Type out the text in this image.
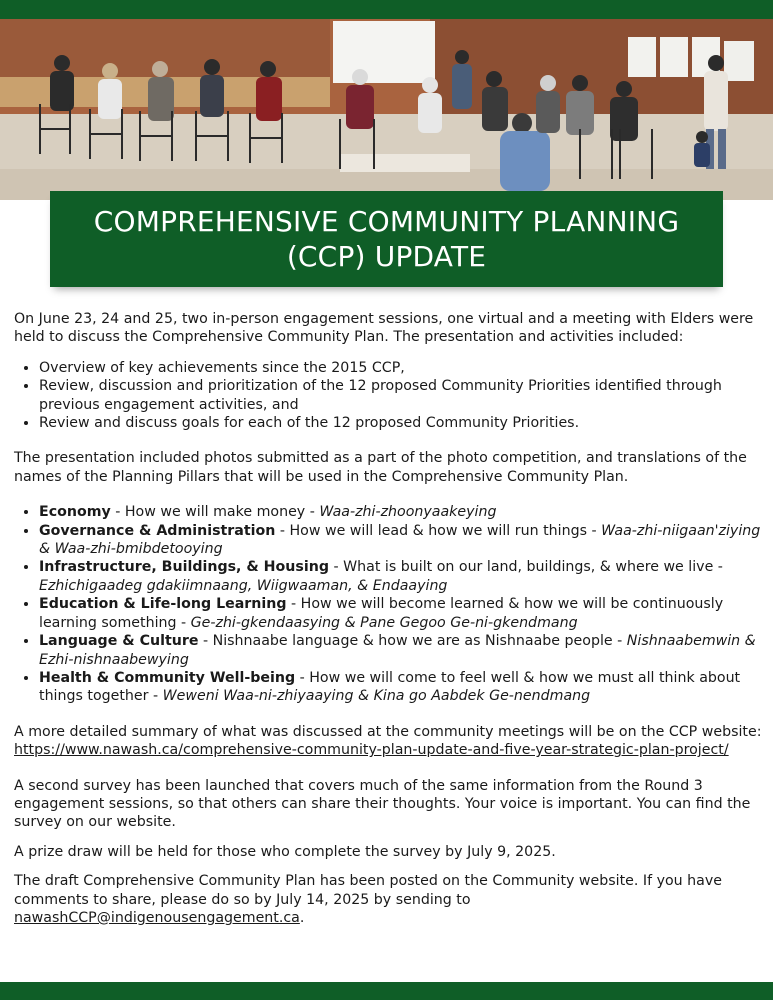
COMPREHENSIVE COMMUNITY PLANNING
(CCP) UPDATE

On June 23, 24 and 25, two in-person engagement sessions, one virtual and a meeting with Elders were held to discuss the Comprehensive Community Plan. The presentation and activities included:

• Overview of key achievements since the 2015 CCP,
• Review, discussion and prioritization of the 12 proposed Community Priorities identified through previous engagement activities, and
• Review and discuss goals for each of the 12 proposed Community Priorities.

The presentation included photos submitted as a part of the photo competition, and translations of the names of the Planning Pillars that will be used in the Comprehensive Community Plan.

• Economy - How we will make money - Waa-zhi-zhoonyaakeying
• Governance & Administration - How we will lead & how we will run things - Waa-zhi-niigaan'ziying & Waa-zhi-bmibdetooying
• Infrastructure, Buildings, & Housing - What is built on our land, buildings, & where we live - Ezhichigaadeg gdakiimnaang, Wiigwaaman, & Endaaying
• Education & Life-long Learning - How we will become learned & how we will be continuously learning something - Ge-zhi-gkendaasying & Pane Gegoo Ge-ni-gkendmang
• Language & Culture - Nishnaabe language & how we are as Nishnaabe people - Nishnaabemwin & Ezhi-nishnaabewying
• Health & Community Well-being - How we will come to feel well & how we must all think about things together - Weweni Waa-ni-zhiyaaying & Kina go Aabdek Ge-nendmang

A more detailed summary of what was discussed at the community meetings will be on the CCP website: https://www.nawash.ca/comprehensive-community-plan-update-and-five-year-strategic-plan-project/

A second survey has been launched that covers much of the same information from the Round 3 engagement sessions, so that others can share their thoughts. Your voice is important. You can find the survey on our website.

A prize draw will be held for those who complete the survey by July 9, 2025.

The draft Comprehensive Community Plan has been posted on the Community website. If you have comments to share, please do so by July 14, 2025 by sending to nawashCCP@indigenousengagement.ca.
